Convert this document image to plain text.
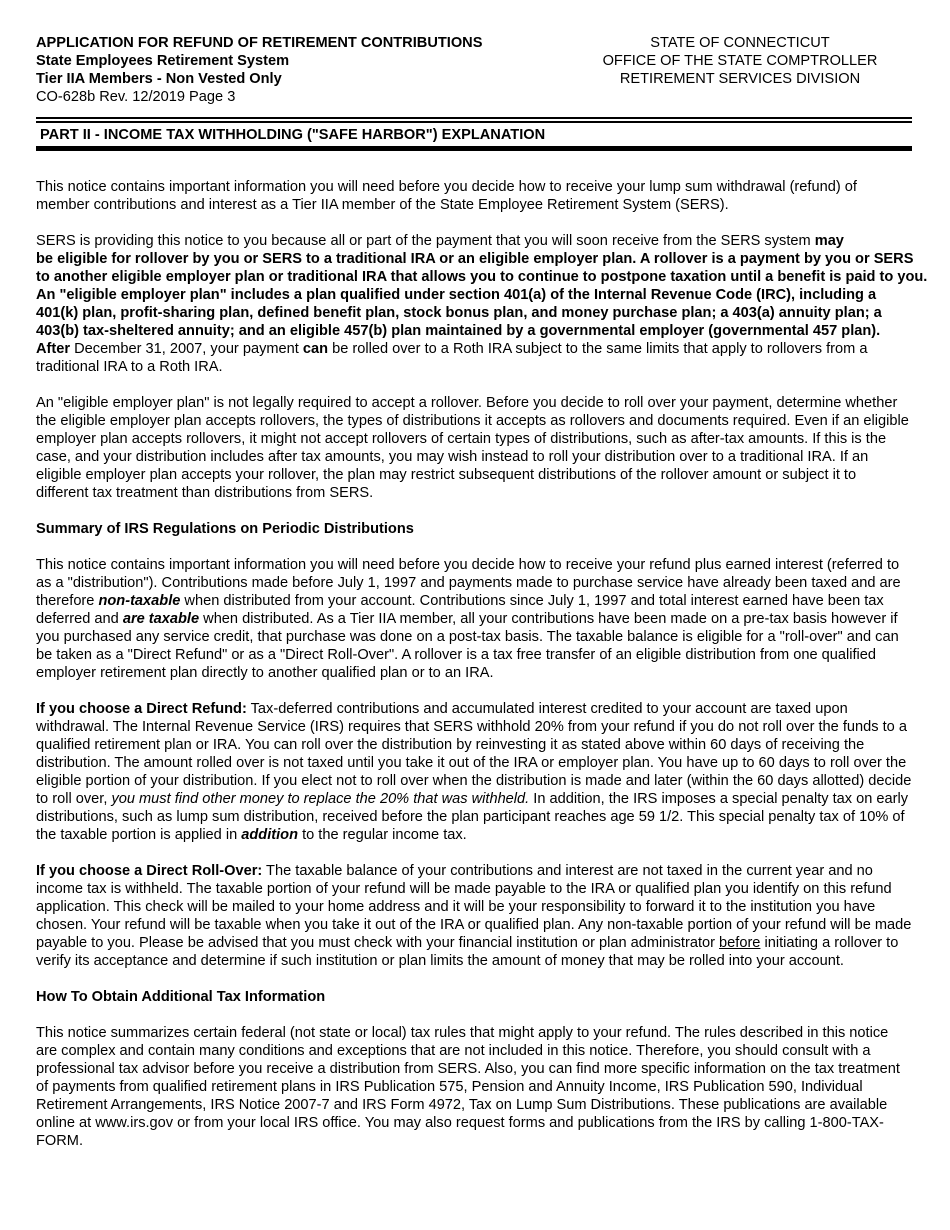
APPLICATION FOR REFUND OF RETIREMENT CONTRIBUTIONS
State Employees Retirement System
Tier IIA Members - Non Vested Only
CO-628b Rev. 12/2019 Page 3
STATE OF CONNECTICUT
OFFICE OF THE STATE COMPTROLLER
RETIREMENT SERVICES DIVISION
PART II - INCOME TAX WITHHOLDING ("SAFE HARBOR") EXPLANATION

This notice contains important information you will need before you decide how to receive your lump sum withdrawal (refund) of member contributions and interest as a Tier IIA member of the State Employee Retirement System (SERS).

SERS is providing this notice to you because all or part of the payment that you will soon receive from the SERS system may
be eligible for rollover by you or SERS to a traditional IRA or an eligible employer plan. A rollover is a payment by you or SERS
to another eligible employer plan or traditional IRA that allows you to continue to postpone taxation until a benefit is paid to you.
An "eligible employer plan" includes a plan qualified under section 401(a) of the Internal Revenue Code (IRC), including a
401(k) plan, profit-sharing plan, defined benefit plan, stock bonus plan, and money purchase plan; a 403(a) annuity plan; a
403(b) tax-sheltered annuity; and an eligible 457(b) plan maintained by a governmental employer (governmental 457 plan).
After December 31, 2007, your payment can be rolled over to a Roth IRA subject to the same limits that apply to rollovers from a traditional IRA to a Roth IRA.

An "eligible employer plan" is not legally required to accept a rollover. Before you decide to roll over your payment, determine whether the eligible employer plan accepts rollovers, the types of distributions it accepts as rollovers and documents required. Even if an eligible employer plan accepts rollovers, it might not accept rollovers of certain types of distributions, such as after-tax amounts. If this is the case, and your distribution includes after tax amounts, you may wish instead to roll your distribution over to a traditional IRA. If an eligible employer plan accepts your rollover, the plan may restrict subsequent distributions of the rollover amount or subject it to different tax treatment than distributions from SERS.

Summary of IRS Regulations on Periodic Distributions

This notice contains important information you will need before you decide how to receive your refund plus earned interest (referred to as a "distribution"). Contributions made before July 1, 1997 and payments made to purchase service have already been taxed and are therefore non-taxable when distributed from your account. Contributions since July 1, 1997 and total interest earned have been tax deferred and are taxable when distributed. As a Tier IIA member, all your contributions have been made on a pre-tax basis however if you purchased any service credit, that purchase was done on a post-tax basis. The taxable balance is eligible for a "roll-over" and can be taken as a "Direct Refund" or as a "Direct Roll-Over". A rollover is a tax free transfer of an eligible distribution from one qualified employer retirement plan directly to another qualified plan or to an IRA.

If you choose a Direct Refund: Tax-deferred contributions and accumulated interest credited to your account are taxed upon withdrawal. The Internal Revenue Service (IRS) requires that SERS withhold 20% from your refund if you do not roll over the funds to a qualified retirement plan or IRA. You can roll over the distribution by reinvesting it as stated above within 60 days of receiving the distribution. The amount rolled over is not taxed until you take it out of the IRA or employer plan. You have up to 60 days to roll over the eligible portion of your distribution. If you elect not to roll over when the distribution is made and later (within the 60 days allotted) decide to roll over, you must find other money to replace the 20% that was withheld. In addition, the IRS imposes a special penalty tax on early distributions, such as lump sum distribution, received before the plan participant reaches age 59 1/2. This special penalty tax of 10% of the taxable portion is applied in addition to the regular income tax.

If you choose a Direct Roll-Over: The taxable balance of your contributions and interest are not taxed in the current year and no income tax is withheld. The taxable portion of your refund will be made payable to the IRA or qualified plan you identify on this refund application. This check will be mailed to your home address and it will be your responsibility to forward it to the institution you have chosen. Your refund will be taxable when you take it out of the IRA or qualified plan. Any non-taxable portion of your refund will be made payable to you. Please be advised that you must check with your financial institution or plan administrator before initiating a rollover to verify its acceptance and determine if such institution or plan limits the amount of money that may be rolled into your account.

How To Obtain Additional Tax Information

This notice summarizes certain federal (not state or local) tax rules that might apply to your refund. The rules described in this notice are complex and contain many conditions and exceptions that are not included in this notice. Therefore, you should consult with a professional tax advisor before you receive a distribution from SERS. Also, you can find more specific information on the tax treatment of payments from qualified retirement plans in IRS Publication 575, Pension and Annuity Income, IRS Publication 590, Individual Retirement Arrangements, IRS Notice 2007-7 and IRS Form 4972, Tax on Lump Sum Distributions. These publications are available online at www.irs.gov or from your local IRS office. You may also request forms and publications from the IRS by calling 1-800-TAX-FORM.
